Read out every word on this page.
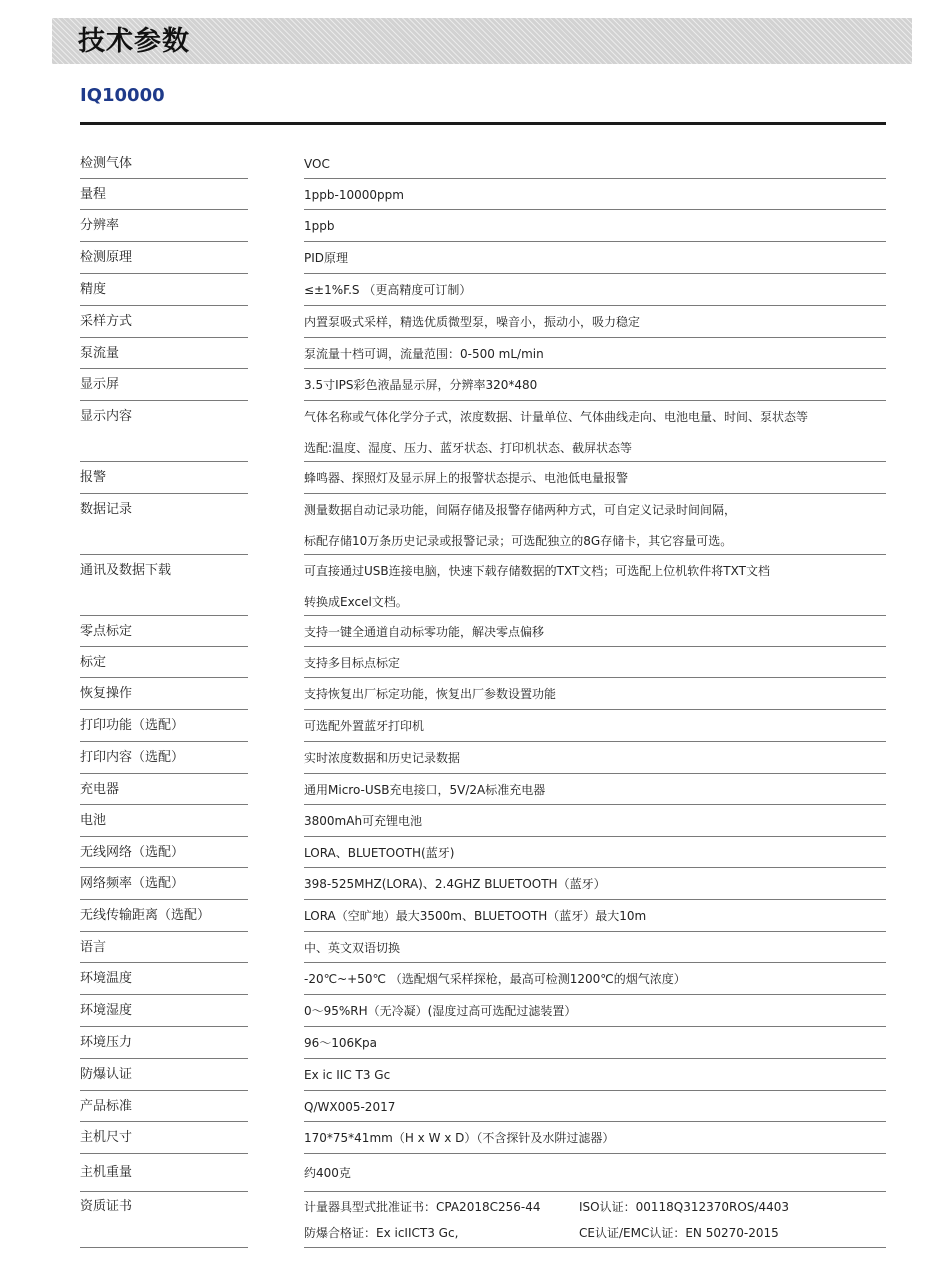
技术参数
IQ10000
检测气体	VOC
量程	1ppb-10000ppm
分辨率	1ppb
检测原理	PID原理
精度	≤±1%F.S （更高精度可订制）
采样方式	内置泵吸式采样，精选优质微型泵，噪音小，振动小，吸力稳定
泵流量	泵流量十档可调，流量范围：0-500 mL/min
显示屏	3.5寸IPS彩色液晶显示屏，分辨率320*480
显示内容	气体名称或气体化学分子式，浓度数据、计量单位、气体曲线走向、电池电量、时间、泵状态等
选配:温度、湿度、压力、蓝牙状态、打印机状态、截屏状态等
报警	蜂鸣器、探照灯及显示屏上的报警状态提示、电池低电量报警
数据记录	测量数据自动记录功能，间隔存储及报警存储两种方式，可自定义记录时间间隔，
标配存储10万条历史记录或报警记录；可选配独立的8G存储卡，其它容量可选。
通讯及数据下载	可直接通过USB连接电脑，快速下载存储数据的TXT文档；可选配上位机软件将TXT文档
转换成Excel文档。
零点标定	支持一键全通道自动标零功能，解决零点偏移
标定	支持多目标点标定
恢复操作	支持恢复出厂标定功能，恢复出厂参数设置功能
打印功能（选配）	可选配外置蓝牙打印机
打印内容（选配）	实时浓度数据和历史记录数据
充电器	通用Micro-USB充电接口，5V/2A标准充电器
电池	3800mAh可充锂电池
无线网络（选配）	LORA、BLUETOOTH(蓝牙)
网络频率（选配）	398-525MHZ(LORA)、2.4GHZ BLUETOOTH（蓝牙）
无线传输距离（选配）	LORA（空旷地）最大3500m、BLUETOOTH（蓝牙）最大10m
语言	中、英文双语切换
环境温度	-20℃~+50℃ （选配烟气采样探枪，最高可检测1200℃的烟气浓度）
环境湿度	0～95%RH（无冷凝）(湿度过高可选配过滤装置）
环境压力	96～106Kpa
防爆认证	Ex ic IIC T3 Gc
产品标准	Q/WX005-2017
主机尺寸	170*75*41mm（H x W x D）（不含探针及水阱过滤器）
主机重量	约400克
资质证书	计量器具型式批准证书：CPA2018C256-44	ISO认证：00118Q312370ROS/4403
防爆合格证：Ex icIICT3 Gc,	CE认证/EMC认证：EN 50270-2015
